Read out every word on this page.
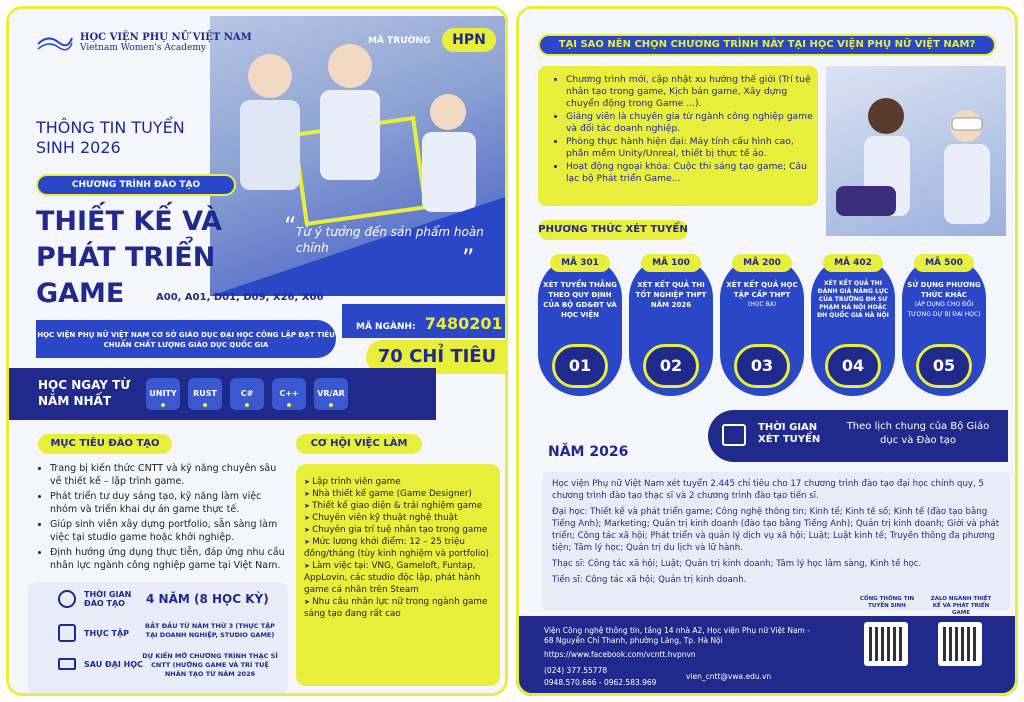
HỌC VIỆN PHỤ NỮ VIỆT NAM
Vietnam Women's Academy
MÃ TRƯỜNG	HPN
THÔNG TIN TUYỂN SINH 2026
CHƯƠNG TRÌNH ĐÀO TẠO
THIẾT KẾ VÀ PHÁT TRIỂN GAME	A00, A01, D01, D09, X26, X06
“ Từ ý tưởng đến sản phẩm hoàn chỉnh	”
HỌC VIỆN PHỤ NỮ VIỆT NAM CƠ SỞ GIÁO DỤC ĐẠI HỌC CÔNG LẬP ĐẠT TIÊU CHUẨN CHẤT LƯỢNG GIÁO DỤC QUỐC GIA
MÃ NGÀNH: 7480201
70 CHỈ TIÊU
HỌC NGAY TỪ NĂM NHẤT
UNITY	RUST	C#	C++	VR/AR
MỤC TIÊU ĐÀO TẠO	CƠ HỘI VIỆC LÀM
• Trang bị kiến thức CNTT và kỹ năng chuyên sâu về thiết kế – lập trình game.
• Phát triển tư duy sáng tạo, kỹ năng làm việc nhóm và triển khai dự án game thực tế.
• Giúp sinh viên xây dựng portfolio, sẵn sàng làm việc tại studio game hoặc khởi nghiệp.
• Định hướng ứng dụng thực tiễn, đáp ứng nhu cầu nhân lực ngành công nghiệp game tại Việt Nam.
➤ Lập trình viên game
➤ Nhà thiết kế game (Game Designer)
➤ Thiết kế giao diện & trải nghiệm game
➤ Chuyên viên kỹ thuật nghệ thuật
➤ Chuyên gia trí tuệ nhân tạo trong game
➤ Mức lương khởi điểm: 12 – 25 triệu đồng/tháng (tùy kinh nghiệm và portfolio)
➤ Làm việc tại: VNG, Gameloft, Funtap, AppLovin, các studio độc lập, phát hành game cá nhân trên Steam
➤ Nhu cầu nhân lực nữ trong ngành game sáng tạo đang rất cao
THỜI GIAN ĐÀO TẠO	4 NĂM (8 HỌC KỲ)
THỰC TẬP
BẮT ĐẦU TỪ NĂM THỨ 3 (THỰC TẬP TẠI DOANH NGHIỆP, STUDIO GAME)
SAU ĐẠI HỌC
DỰ KIẾN MỞ CHƯƠNG TRÌNH THẠC SĨ CNTT (HƯỚNG GAME VÀ TRÍ TUỆ NHÂN TẠO TỪ NĂM 2026
TẠI SAO NÊN CHỌN CHƯƠNG TRÌNH NÀY TẠI HỌC VIỆN PHỤ NỮ VIỆT NAM?
• Chương trình mới, cập nhật xu hướng thế giới (Trí tuệ nhân tạo trong game, Kịch bản game, Xây dựng chuyển động trong Game ...).
• Giảng viên là chuyên gia từ ngành công nghiệp game và đối tác doanh nghiệp.
• Phòng thực hành hiện đại: Máy tính cấu hình cao, phần mềm Unity/Unreal, thiết bị thực tế ảo.
• Hoạt động ngoại khóa: Cuộc thi sáng tạo game; Câu lạc bộ Phát triển Game...
PHƯƠNG THỨC XÉT TUYỂN
MÃ 301
XÉT TUYỂN THẲNG THEO QUY ĐỊNH CỦA BỘ GD&ĐT VÀ HỌC VIỆN
01
MÃ 100
XÉT KẾT QUẢ THI TỐT NGHIỆP THPT NĂM 2026
02
MÃ 200
XÉT KẾT QUẢ HỌC TẬP CẤP THPT
(HỌC BẠ)
03
MÃ 402
XÉT KẾT QUẢ THI ĐÁNH GIÁ NĂNG LỰC CỦA TRƯỜNG ĐH SƯ PHẠM HÀ NỘI HOẶC ĐH QUỐC GIA HÀ NỘI
04
MÃ 500
SỬ DỤNG PHƯƠNG THỨC KHÁC
(ÁP DỤNG CHO ĐỐI TƯỢNG DỰ BỊ ĐẠI HỌC)
05
THỜI GIAN XÉT TUYỂN
Theo lịch chung của Bộ Giáo dục và Đào tạo
NĂM 2026

Học viện Phụ nữ Việt Nam xét tuyển 2.445 chỉ tiêu cho 17 chương trình đào tạo đại học chính quy, 5 chương trình đào tạo thạc sĩ và 2 chương trình đào tạo tiến sĩ.

Đại học: Thiết kế và phát triển game; Công nghệ thông tin; Kinh tế; Kinh tế số; Kinh tế (đào tạo bằng Tiếng Anh); Marketing; Quản trị kinh doanh (đào tạo bằng Tiếng Anh); Quản trị kinh doanh; Giới và phát triển; Công tác xã hội; Phát triển và quản lý dịch vụ xã hội; Luật; Luật kinh tế; Truyền thông đa phương tiện; Tâm lý học; Quản trị du lịch và lữ hành.

Thạc sĩ: Công tác xã hội; Luật; Quản trị kinh doanh; Tâm lý học lâm sàng, Kinh tế học.

Tiến sĩ: Công tác xã hội; Quản trị kinh doanh.

Viện Công nghệ thông tin, tầng 14 nhà A2, Học viện Phụ nữ Việt Nam - 68 Nguyễn Chí Thanh, phường Láng, Tp. Hà Nội
https://www.facebook.com/vcntt.hvpnvn
(024) 377.55778
0948.570.666 - 0962.583.969
vien_cntt@vwa.edu.vn
CỔNG THÔNG TIN TUYỂN SINH
ZALO NGÀNH THIẾT KẾ VÀ PHÁT TRIỂN GAME
